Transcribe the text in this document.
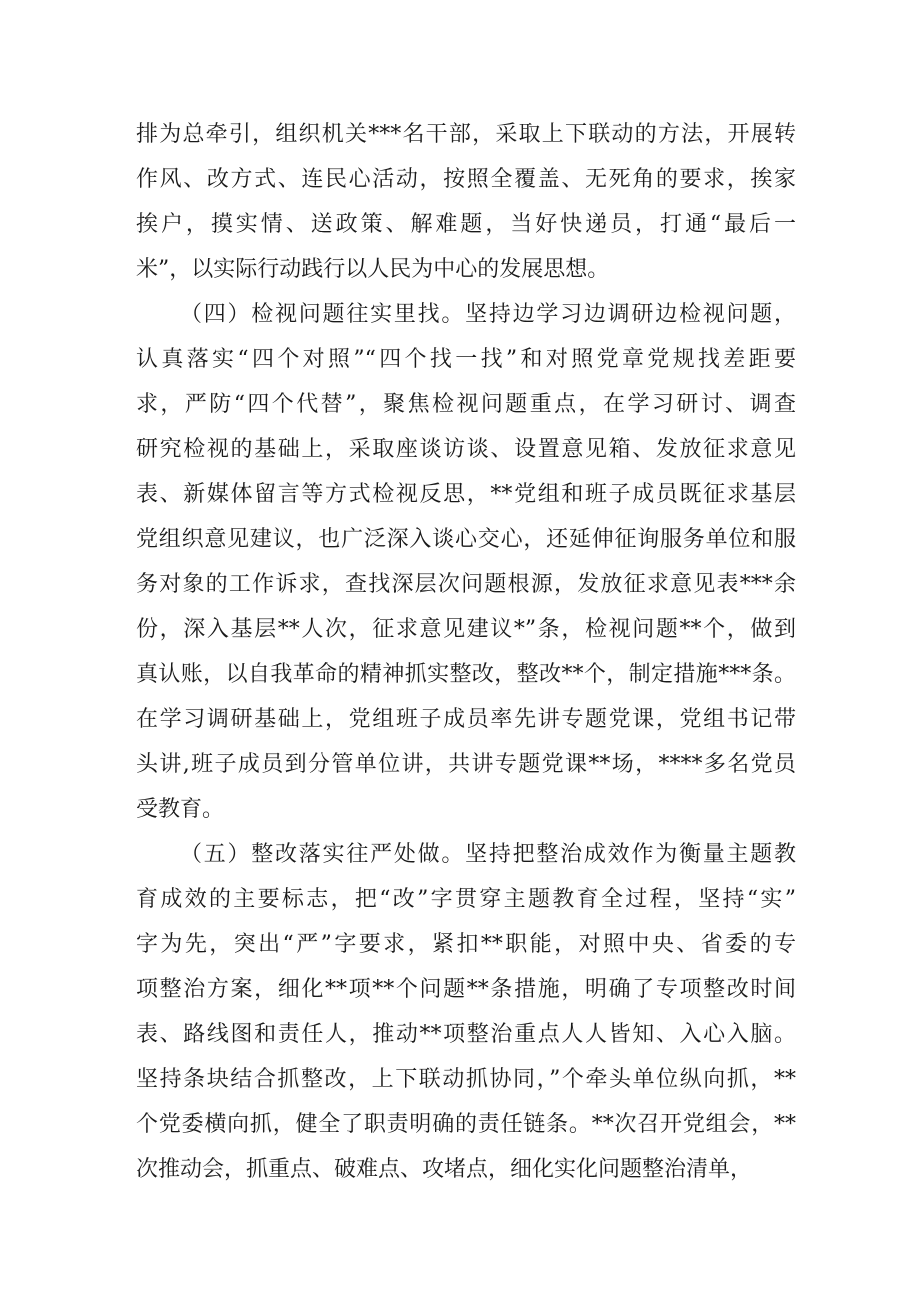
排为总牵引，组织机关***名干部，采取上下联动的方法，开展转
作风、改方式、连民心活动，按照全覆盖、无死角的要求，挨家
挨户，摸实情、送政策、解难题，当好快递员，打通“最后一
米”，以实际行动践行以人民为中心的发展思想。
（四）检视问题往实里找。坚持边学习边调研边检视问题，
认真落实“四个对照”“四个找一找”和对照党章党规找差距要
求，严防“四个代替”，聚焦检视问题重点，在学习研讨、调查
研究检视的基础上，采取座谈访谈、设置意见箱、发放征求意见
表、新媒体留言等方式检视反思，**党组和班子成员既征求基层
党组织意见建议，也广泛深入谈心交心，还延伸征询服务单位和服
务对象的工作诉求，查找深层次问题根源，发放征求意见表***余
份，深入基层**人次，征求意见建议*”条，检视问题**个，做到
真认账，以自我革命的精神抓实整改，整改**个，制定措施***条。
在学习调研基础上，党组班子成员率先讲专题党课，党组书记带
头讲,班子成员到分管单位讲，共讲专题党课**场，****多名党员
受教育。
（五）整改落实往严处做。坚持把整治成效作为衡量主题教
育成效的主要标志，把“改”字贯穿主题教育全过程，坚持“实”
字为先，突出“严”字要求，紧扣**职能，对照中央、省委的专
项整治方案，细化**项**个问题**条措施，明确了专项整改时间
表、路线图和责任人，推动**项整治重点人人皆知、入心入脑。
坚持条块结合抓整改，上下联动抓协同，”个牵头单位纵向抓，**
个党委横向抓，健全了职责明确的责任链条。**次召开党组会，**
次推动会，抓重点、破难点、攻堵点，细化实化问题整治清单，
